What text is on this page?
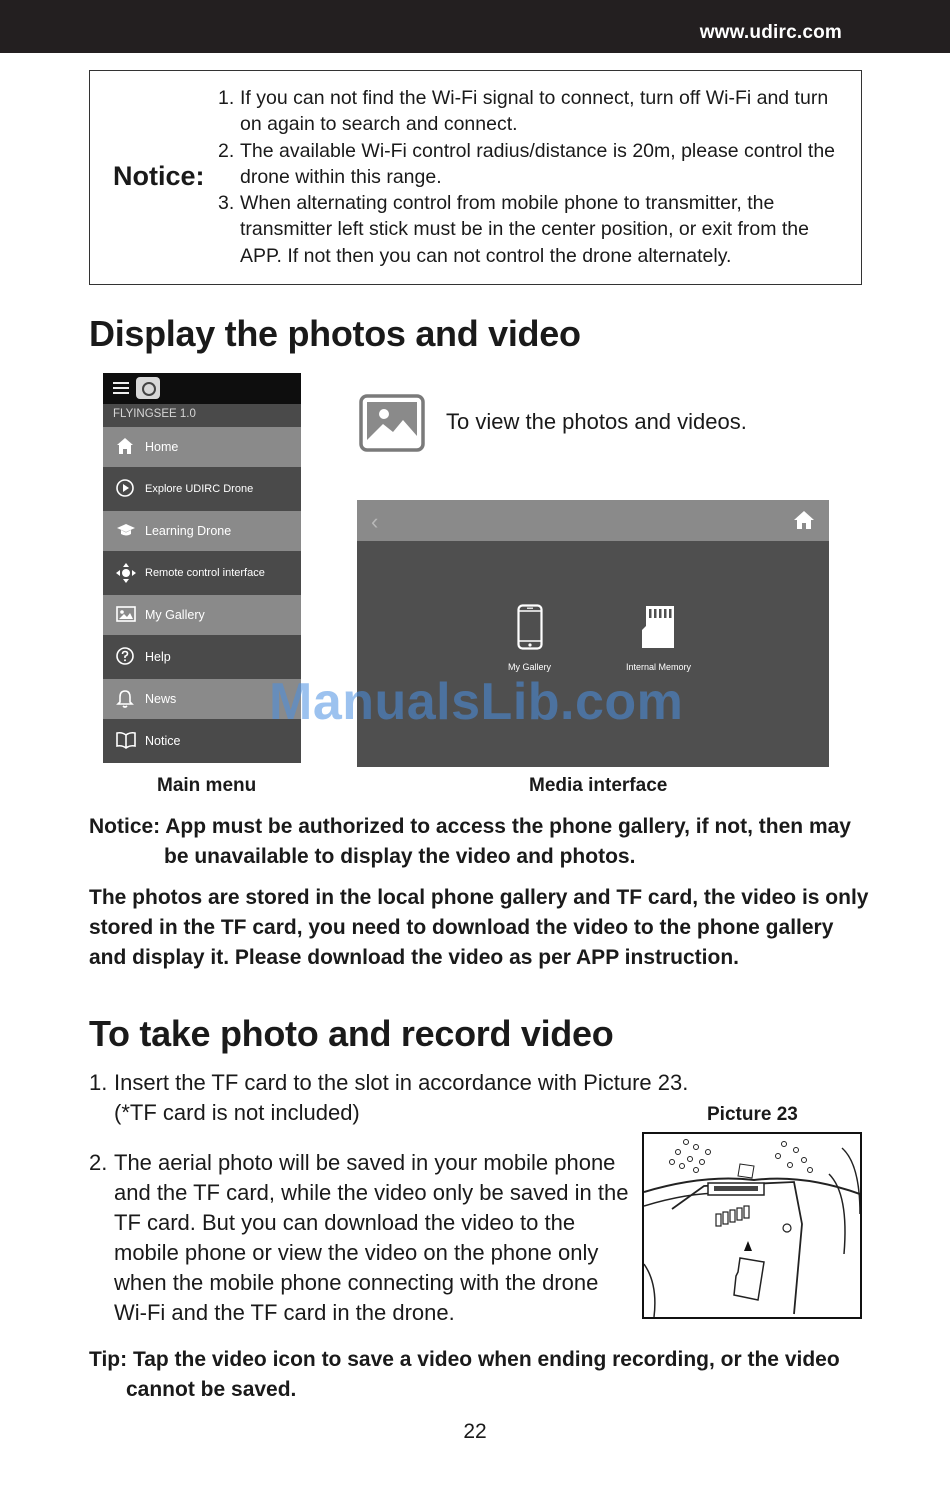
www.udirc.com
Notice:
1. If you can not find the Wi-Fi signal to connect, turn off Wi-Fi and turn on again to search and connect.
2. The available Wi-Fi control radius/distance is 20m, please control the drone within this range.
3. When alternating control from mobile phone to transmitter, the transmitter left stick must be in the center position, or exit from the APP. If not then you can not control the drone alternately.
Display the photos and video
FLYINGSEE 1.0
Home
Explore UDIRC Drone
Learning Drone
Remote control interface
My Gallery
Help
News
Notice
To view the photos and videos.
‹
My Gallery	Internal Memory
ManualsLib.com
Main menu	Media interface
Notice: App must be authorized to access the phone gallery, if not, then may
be unavailable to display the video and photos.
The photos are stored in the local phone gallery and TF card, the video is only stored in the TF card, you need to download the video to the phone gallery and display it. Please download the video as per APP instruction.
To take photo and record video
1. Insert the TF card to the slot in accordance with Picture 23.
(*TF card is not included)	Picture 23
2. The aerial photo will be saved in your mobile phone and the TF card, while the video only be saved in the TF card. But you can download the video to the mobile phone or view the video on the phone only when the mobile phone connecting with the drone Wi-Fi and the TF card in the drone.
Tip: Tap the video icon to save a video when ending recording, or the video
cannot be saved.
22
